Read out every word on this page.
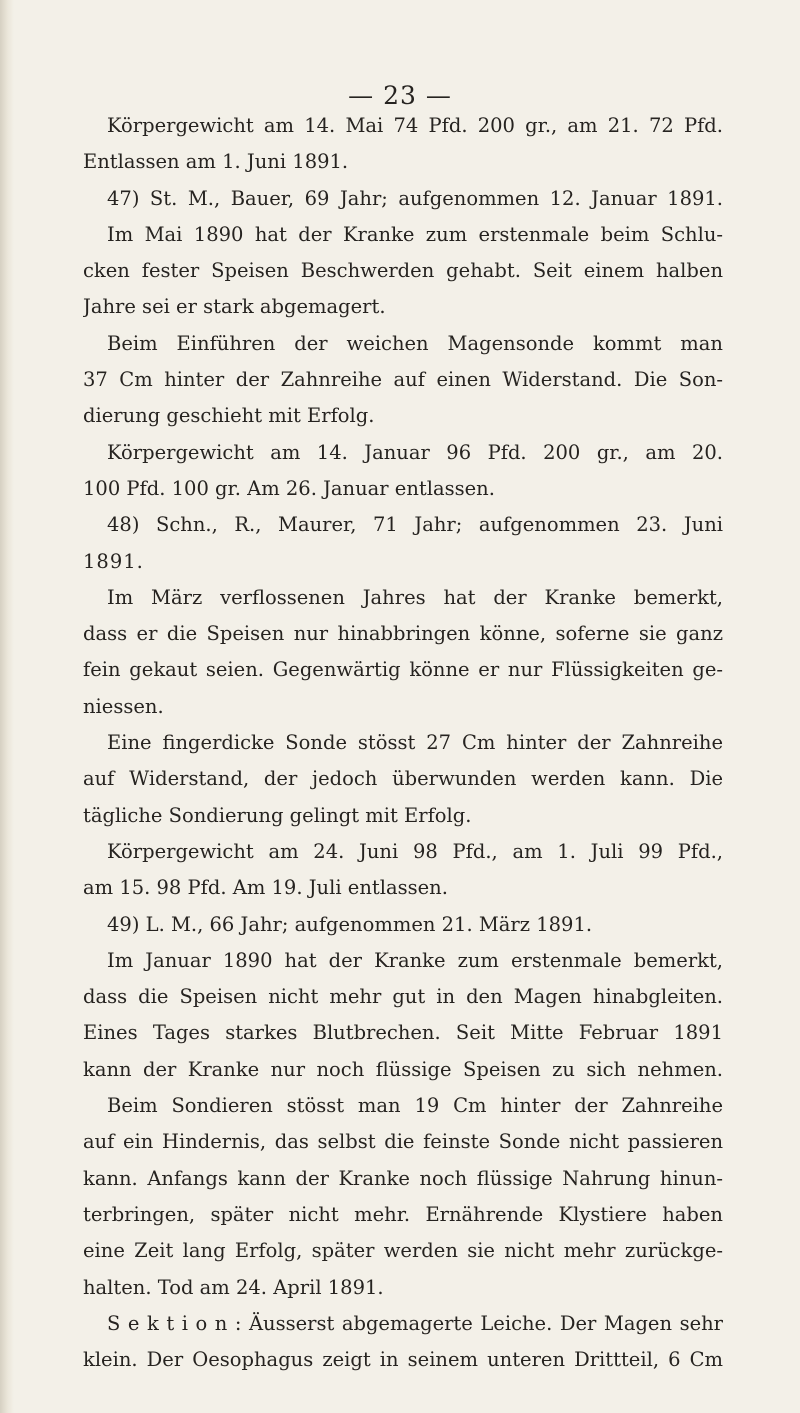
— 23 —
Körpergewicht am 14. Mai 74 Pfd. 200 gr., am 21. 72 Pfd.
Entlassen am 1. Juni 1891.
47) St. M., Bauer, 69 Jahr; aufgenommen 12. Januar 1891.
Im Mai 1890 hat der Kranke zum erstenmale beim Schlu-
cken fester Speisen Beschwerden gehabt. Seit einem halben
Jahre sei er stark abgemagert.
Beim Einführen der weichen Magensonde kommt man
37 Cm hinter der Zahnreihe auf einen Widerstand. Die Son-
dierung geschieht mit Erfolg.
Körpergewicht am 14. Januar 96 Pfd. 200 gr., am 20.
100 Pfd. 100 gr. Am 26. Januar entlassen.
48) Schn., R., Maurer, 71 Jahr; aufgenommen 23. Juni
1891.
Im März verflossenen Jahres hat der Kranke bemerkt,
dass er die Speisen nur hinabbringen könne, soferne sie ganz
fein gekaut seien. Gegenwärtig könne er nur Flüssigkeiten ge-
niessen.
Eine fingerdicke Sonde stösst 27 Cm hinter der Zahnreihe
auf Widerstand, der jedoch überwunden werden kann. Die
tägliche Sondierung gelingt mit Erfolg.
Körpergewicht am 24. Juni 98 Pfd., am 1. Juli 99 Pfd.,
am 15. 98 Pfd. Am 19. Juli entlassen.
49) L. M., 66 Jahr; aufgenommen 21. März 1891.
Im Januar 1890 hat der Kranke zum erstenmale bemerkt,
dass die Speisen nicht mehr gut in den Magen hinabgleiten.
Eines Tages starkes Blutbrechen. Seit Mitte Februar 1891
kann der Kranke nur noch flüssige Speisen zu sich nehmen.
Beim Sondieren stösst man 19 Cm hinter der Zahnreihe
auf ein Hindernis, das selbst die feinste Sonde nicht passieren
kann. Anfangs kann der Kranke noch flüssige Nahrung hinun-
terbringen, später nicht mehr. Ernährende Klystiere haben
eine Zeit lang Erfolg, später werden sie nicht mehr zurückge-
halten. Tod am 24. April 1891.
S e k t i o n : Äusserst abgemagerte Leiche. Der Magen sehr
klein. Der Oesophagus zeigt in seinem unteren Drittteil, 6 Cm
